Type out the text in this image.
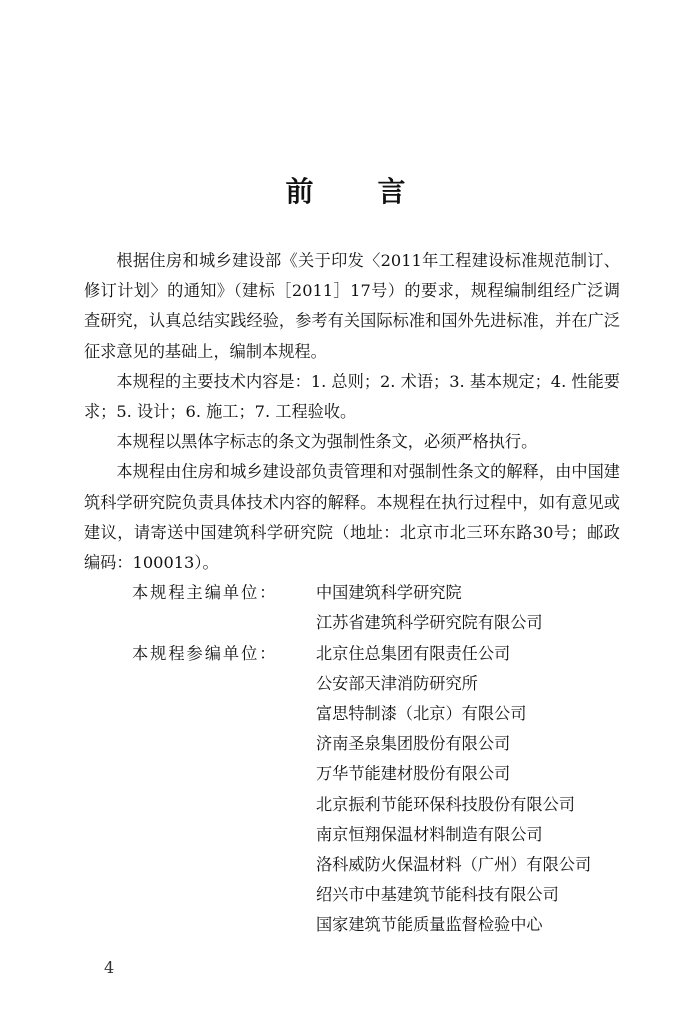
前 言

根据住房和城乡建设部《关于印发〈2011年工程建设标准规范制订、修订计划〉的通知》（建标［2011］17号）的要求，规程编制组经广泛调查研究，认真总结实践经验，参考有关国际标准和国外先进标准，并在广泛征求意见的基础上，编制本规程。

本规程的主要技术内容是：1. 总则；2. 术语；3. 基本规定；4. 性能要求；5. 设计；6. 施工；7. 工程验收。

本规程以黑体字标志的条文为强制性条文，必须严格执行。

本规程由住房和城乡建设部负责管理和对强制性条文的解释，由中国建筑科学研究院负责具体技术内容的解释。本规程在执行过程中，如有意见或建议，请寄送中国建筑科学研究院（地址：北京市北三环东路30号；邮政编码：100013）。

本规程主编单位：	中国建筑科学研究院
江苏省建筑科学研究院有限公司
本规程参编单位：	北京住总集团有限责任公司
公安部天津消防研究所
富思特制漆（北京）有限公司
济南圣泉集团股份有限公司
万华节能建材股份有限公司
北京振利节能环保科技股份有限公司
南京恒翔保温材料制造有限公司
洛科威防火保温材料（广州）有限公司
绍兴市中基建筑节能科技有限公司
国家建筑节能质量监督检验中心
4
